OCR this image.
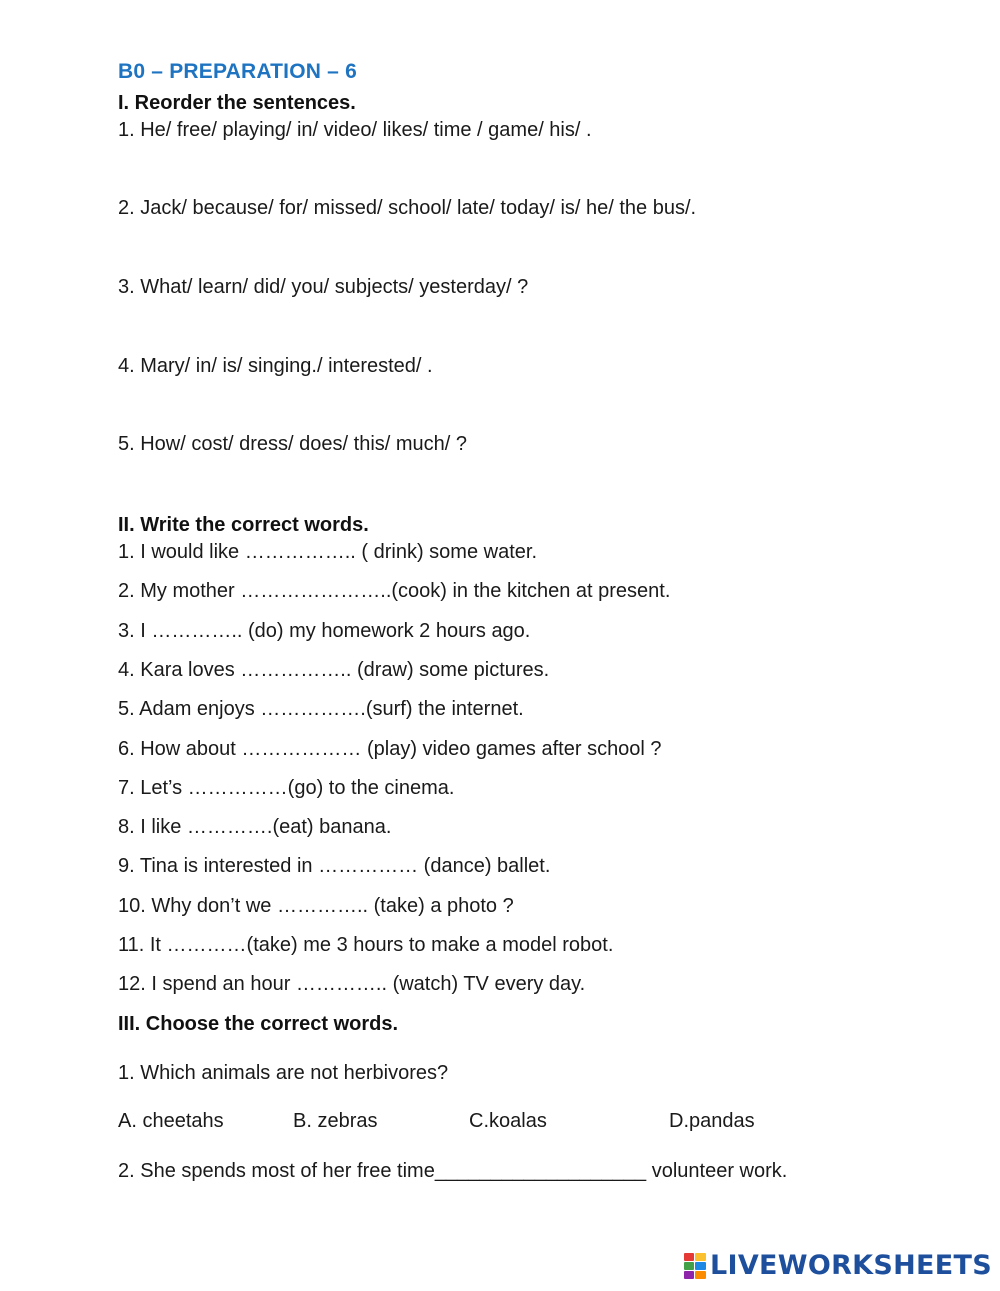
B0 – PREPARATION – 6
I. Reorder the sentences.
1. He/ free/ playing/ in/ video/ likes/ time / game/ his/ .
2. Jack/ because/ for/ missed/ school/ late/ today/ is/ he/ the bus/.
3. What/ learn/ did/ you/ subjects/ yesterday/ ?
4. Mary/ in/ is/ singing./ interested/ .
5. How/ cost/ dress/ does/ this/ much/ ?
II. Write the correct words.
1. I would like …………….. ( drink) some water.
2. My mother …………………..(cook) in the kitchen at present.
3. I ………….. (do) my homework 2 hours ago.
4. Kara loves …………….. (draw) some pictures.
5. Adam enjoys …………….(surf) the internet.
6. How about ……………… (play) video games after school ?
7. Let’s ……………(go) to the cinema.
8. I like ………….(eat) banana.
9. Tina is interested in …………… (dance) ballet.
10. Why don’t we ………….. (take) a photo ?
11. It …………(take) me 3 hours to make a model robot.
12. I spend an hour ………….. (watch) TV every day.
III. Choose the correct words.
1. Which animals are not herbivores?
A. cheetahs	B. zebras	C.koalas	D.pandas
2. She spends most of her free time___________________ volunteer work.
LIVEWORKSHEETS
